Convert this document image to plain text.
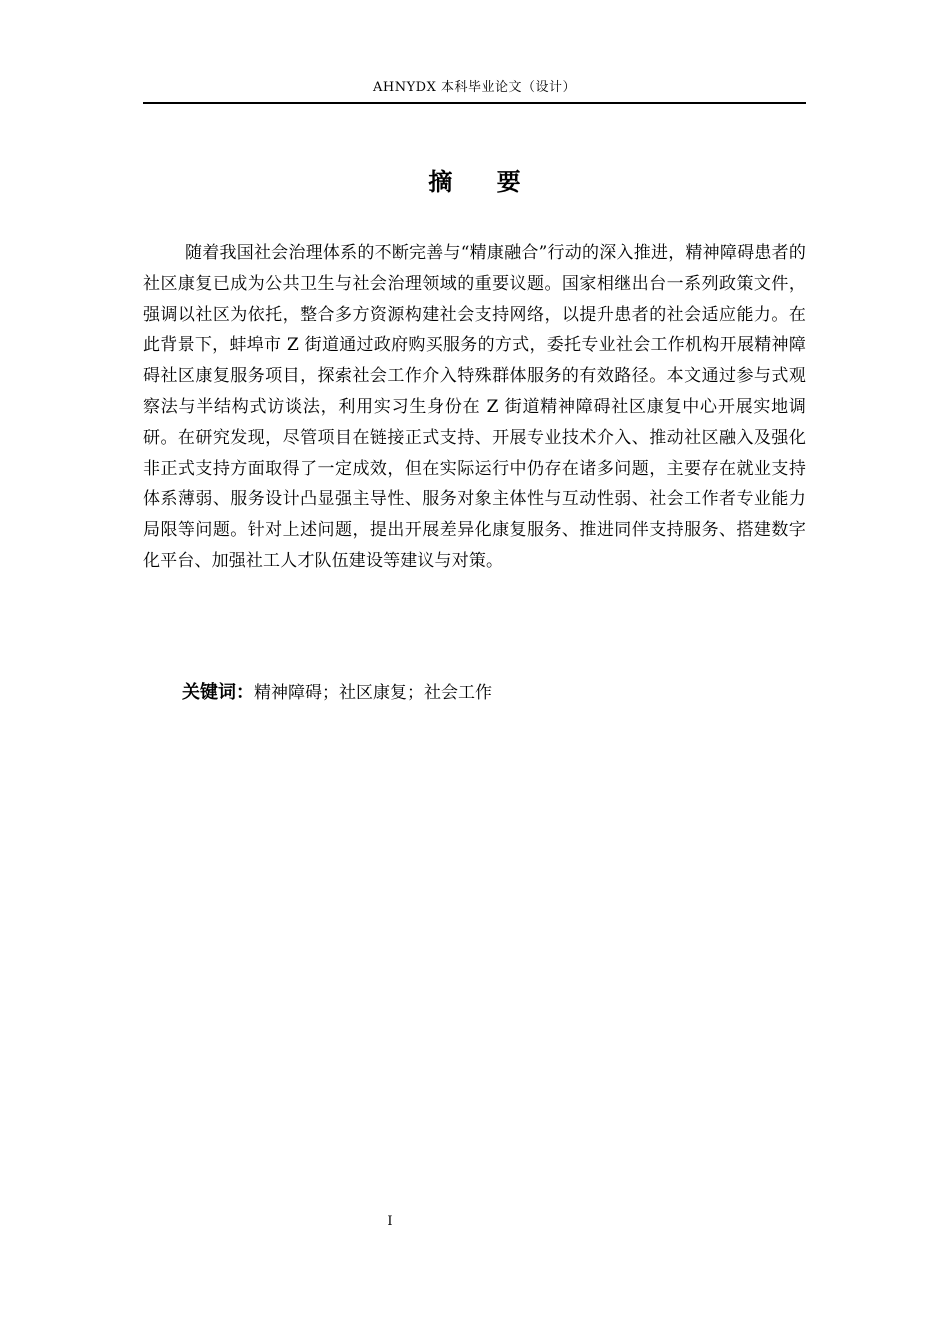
AHNYDX 本科毕业论文（设计）
摘 要

随着我国社会治理体系的不断完善与“精康融合”行动的深入推进，精神障碍患者的社区康复已成为公共卫生与社会治理领域的重要议题。国家相继出台一系列政策文件，强调以社区为依托，整合多方资源构建社会支持网络，以提升患者的社会适应能力。在此背景下，蚌埠市 Z 街道通过政府购买服务的方式，委托专业社会工作机构开展精神障碍社区康复服务项目，探索社会工作介入特殊群体服务的有效路径。本文通过参与式观察法与半结构式访谈法，利用实习生身份在 Z 街道精神障碍社区康复中心开展实地调研。在研究发现，尽管项目在链接正式支持、开展专业技术介入、推动社区融入及强化非正式支持方面取得了一定成效，但在实际运行中仍存在诸多问题，主要存在就业支持体系薄弱、服务设计凸显强主导性、服务对象主体性与互动性弱、社会工作者专业能力局限等问题。针对上述问题，提出开展差异化康复服务、推进同伴支持服务、搭建数字化平台、加强社工人才队伍建设等建议与对策。

关键词：精神障碍；社区康复；社会工作
I
